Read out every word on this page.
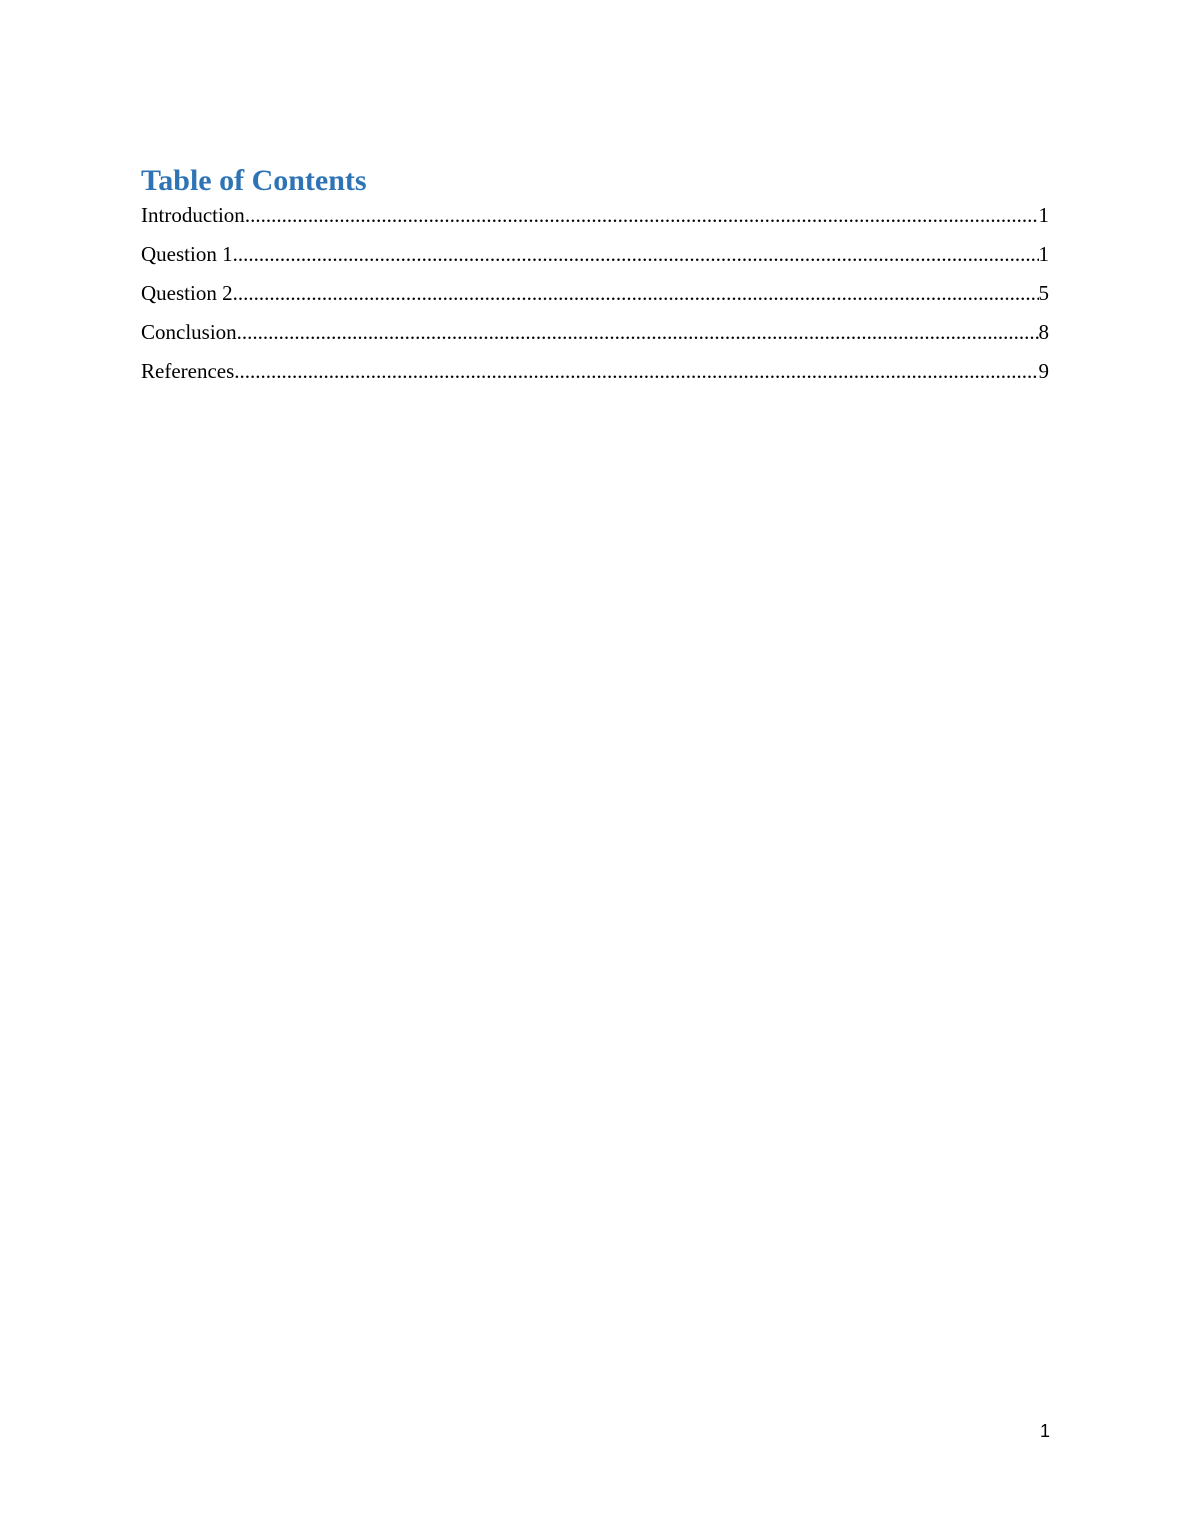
Table of Contents
Introduction .....	1
Question 1 .....	1
Question 2 .....	5
Conclusion .....	8
References .....	9
1
